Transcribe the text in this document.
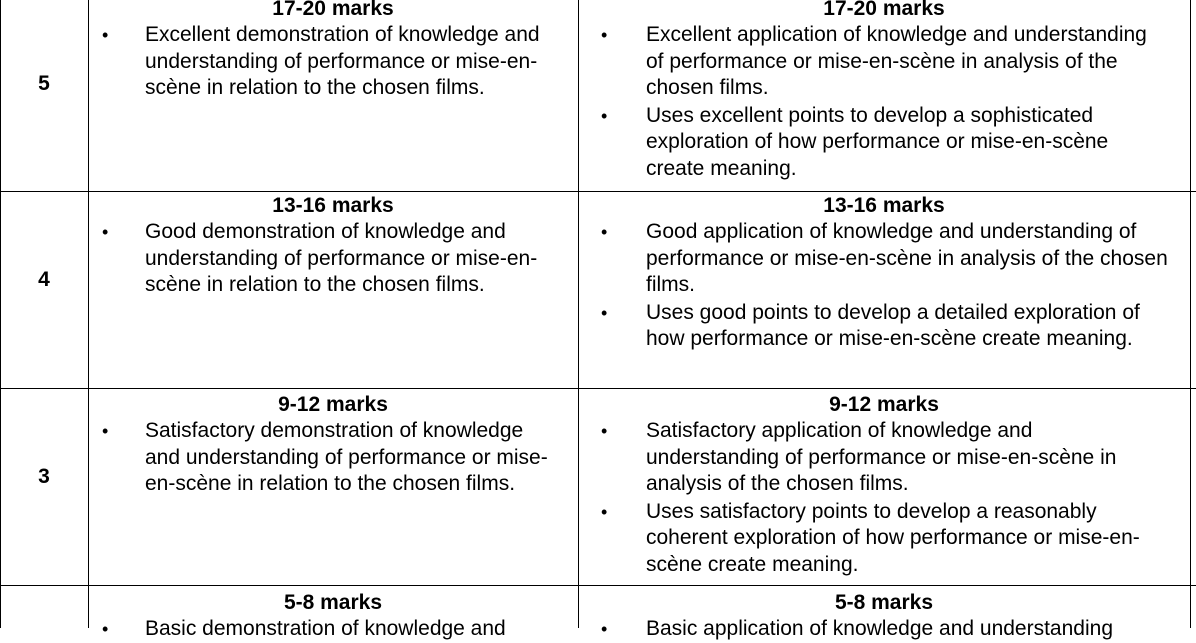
5

17-20 marks

• Excellent demonstration of knowledge and understanding of performance or mise-en-scène in relation to the chosen films.

17-20 marks

• Excellent application of knowledge and understanding of performance or mise-en-scène in analysis of the chosen films.
• Uses excellent points to develop a sophisticated exploration of how performance or mise-en-scène create meaning.
4

13-16 marks

• Good demonstration of knowledge and understanding of performance or mise-en-scène in relation to the chosen films.

13-16 marks

• Good application of knowledge and understanding of performance or mise-en-scène in analysis of the chosen films.
• Uses good points to develop a detailed exploration of how performance or mise-en-scène create meaning.
3

9-12 marks

• Satisfactory demonstration of knowledge and understanding of performance or mise-en-scène in relation to the chosen films.

9-12 marks

• Satisfactory application of knowledge and understanding of performance or mise-en-scène in analysis of the chosen films.
• Uses satisfactory points to develop a reasonably coherent exploration of how performance or mise-en-scène create meaning.

5-8 marks

• Basic demonstration of knowledge and

5-8 marks

• Basic application of knowledge and understanding
